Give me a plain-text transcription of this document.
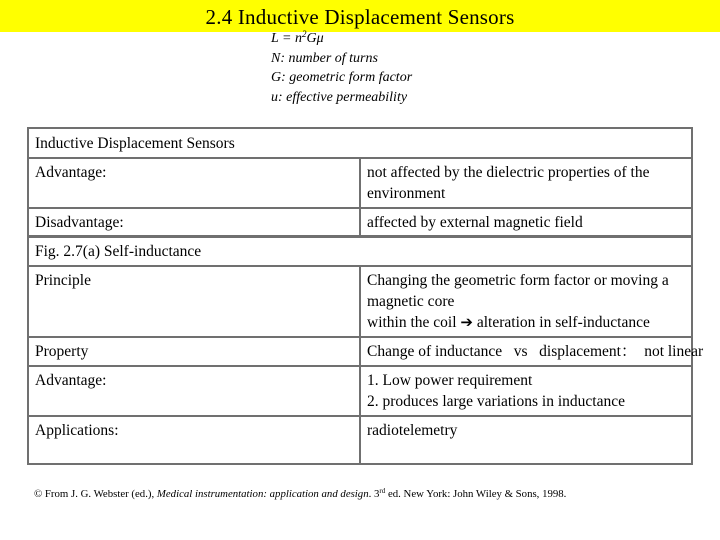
2.4 Inductive Displacement Sensors
$L = n^2G\mu$
N: number of turns
G: geometric form factor
u: effective permeability
Inductive Displacement Sensors	
Advantage:	not affected by the dielectric properties of the environment
Disadvantage:	affected by external magnetic field
Fig. 2.7(a) Self-inductance	
Principle	Changing the geometric form factor or moving a magnetic core
within the coil ➔ alteration in self-inductance

Property	Change of inductance   vs   displacement：  not linear
Advantage:	1. Low power requirement
2. produces large variations in inductance

Applications:	radiotelemetry
© From J. G. Webster (ed.), Medical instrumentation: application and design. 3rd ed. New York: John Wiley & Sons, 1998.
